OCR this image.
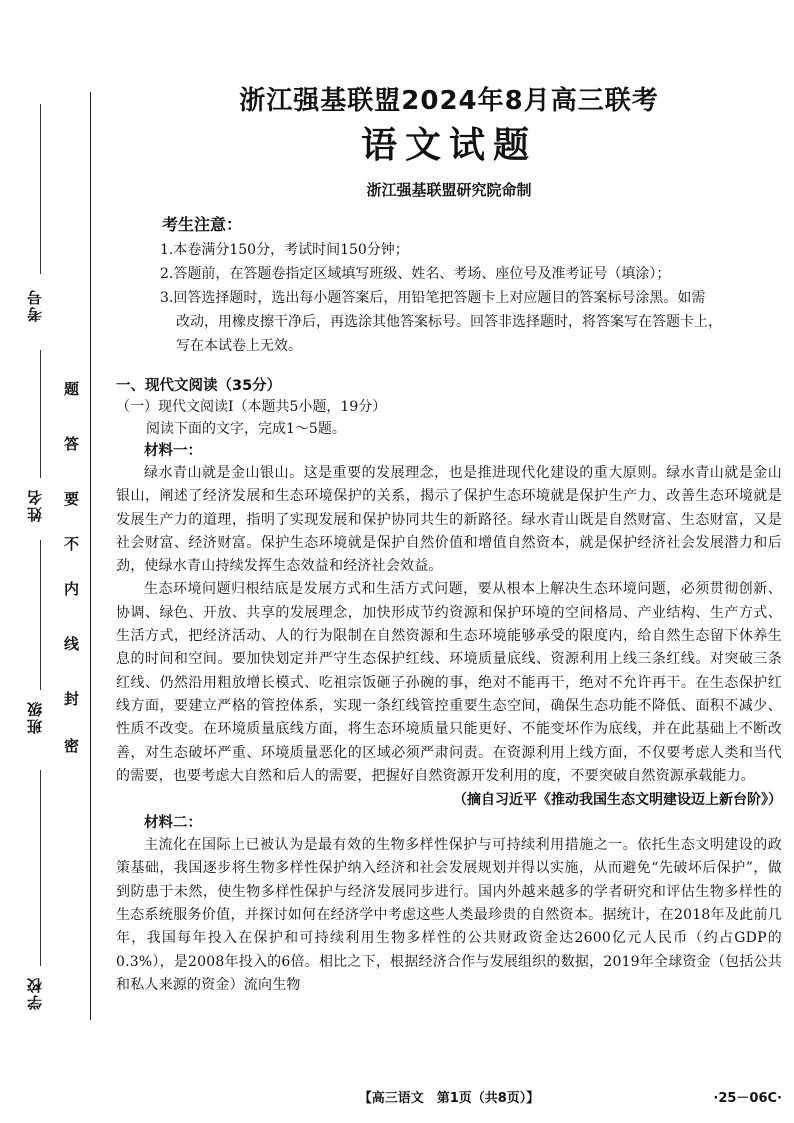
考号
姓名
班级
学校
题
答
要
不
内
线
封
密
浙江强基联盟2024年8月高三联考
语文试题

浙江强基联盟研究院命制

考生注意：
1.本卷满分150分，考试时间150分钟；
2.答题前，在答题卷指定区域填写班级、姓名、考场、座位号及准考证号（填涂）；
3.回答选择题时，选出每小题答案后，用铅笔把答题卡上对应题目的答案标号涂黑。如需
改动，用橡皮擦干净后，再选涂其他答案标号。回答非选择题时，将答案写在答题卡上，
写在本试卷上无效。
一、现代文阅读（35分）
（一）现代文阅读Ⅰ（本题共5小题，19分）
阅读下面的文字，完成1～5题。
材料一：

绿水青山就是金山银山。这是重要的发展理念，也是推进现代化建设的重大原则。绿水青山就是金山银山，阐述了经济发展和生态环境保护的关系，揭示了保护生态环境就是保护生产力、改善生态环境就是发展生产力的道理，指明了实现发展和保护协同共生的新路径。绿水青山既是自然财富、生态财富，又是社会财富、经济财富。保护生态环境就是保护自然价值和增值自然资本，就是保护经济社会发展潜力和后劲，使绿水青山持续发挥生态效益和经济社会效益。

生态环境问题归根结底是发展方式和生活方式问题，要从根本上解决生态环境问题，必须贯彻创新、协调、绿色、开放、共享的发展理念，加快形成节约资源和保护环境的空间格局、产业结构、生产方式、生活方式，把经济活动、人的行为限制在自然资源和生态环境能够承受的限度内，给自然生态留下休养生息的时间和空间。要加快划定并严守生态保护红线、环境质量底线、资源利用上线三条红线。对突破三条红线、仍然沿用粗放增长模式、吃祖宗饭砸子孙碗的事，绝对不能再干，绝对不允许再干。在生态保护红线方面，要建立严格的管控体系，实现一条红线管控重要生态空间，确保生态功能不降低、面积不减少、性质不改变。在环境质量底线方面，将生态环境质量只能更好、不能变坏作为底线，并在此基础上不断改善，对生态破坏严重、环境质量恶化的区域必须严肃问责。在资源利用上线方面，不仅要考虑人类和当代的需要，也要考虑大自然和后人的需要，把握好自然资源开发利用的度，不要突破自然资源承载能力。

（摘自习近平《推动我国生态文明建设迈上新台阶》）

材料二：

主流化在国际上已被认为是最有效的生物多样性保护与可持续利用措施之一。依托生态文明建设的政策基础，我国逐步将生物多样性保护纳入经济和社会发展规划并得以实施，从而避免“先破坏后保护”，做到防患于未然，使生物多样性保护与经济发展同步进行。国内外越来越多的学者研究和评估生物多样性的生态系统服务价值，并探讨如何在经济学中考虑这些人类最珍贵的自然资本。据统计，在2018年及此前几年，我国每年投入在保护和可持续利用生物多样性的公共财政资金达2600亿元人民币（约占GDP的0.3%），是2008年投入的6倍。相比之下，根据经济合作与发展组织的数据，2019年全球资金（包括公共和私人来源的资金）流向生物

【高三语文　第1页（共8页）】	·25－06C·
